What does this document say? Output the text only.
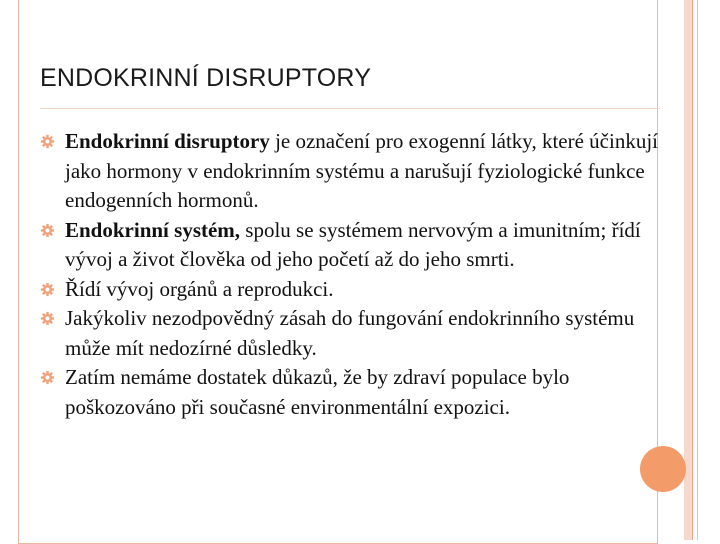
ENDOKRINNÍ DISRUPTORY
Endokrinní disruptory je označení pro exogenní látky, které účinkují jako hormony v endokrinním systému a narušují fyziologické funkce endogenních hormonů.
Endokrinní systém, spolu se systémem nervovým a imunitním; řídí vývoj a život člověka od jeho početí až do jeho smrti.
Řídí vývoj orgánů a reprodukci.
Jakýkoliv nezodpovědný zásah do fungování endokrinního systému může mít nedozírné důsledky.
Zatím nemáme dostatek důkazů, že by zdraví populace bylo poškozováno při současné environmentální expozici.
